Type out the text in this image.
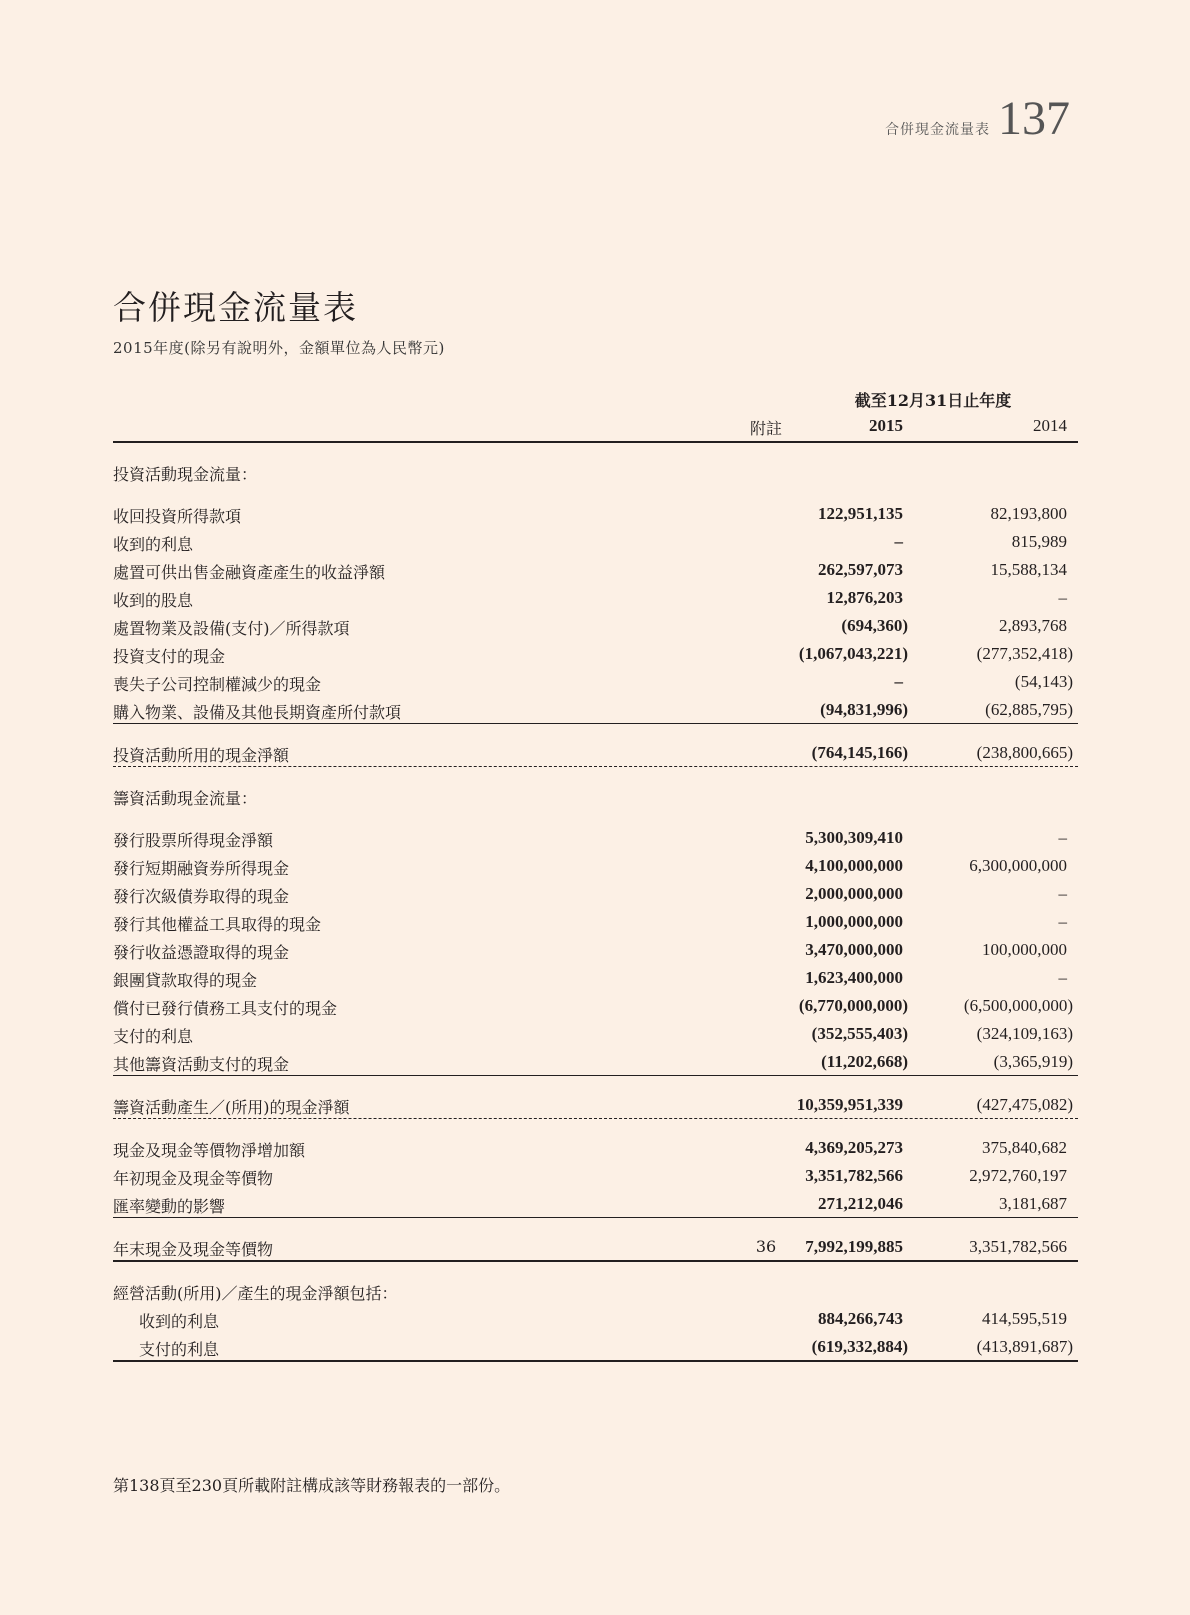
合併現金流量表 137
合併現金流量表
2015年度(除另有說明外，金額單位為人民幣元)
截至12月31日止年度
附註	2015	2014
投資活動現金流量：
收回投資所得款項	122,951,135	82,193,800
收到的利息	–	815,989
處置可供出售金融資產產生的收益淨額	262,597,073	15,588,134
收到的股息	12,876,203	–
處置物業及設備(支付)／所得款項	(694,360)	2,893,768
投資支付的現金	(1,067,043,221)	(277,352,418)
喪失子公司控制權減少的現金	–	(54,143)
購入物業、設備及其他長期資產所付款項	(94,831,996)	(62,885,795)
投資活動所用的現金淨額	(764,145,166)	(238,800,665)
籌資活動現金流量：
發行股票所得現金淨額	5,300,309,410	–
發行短期融資券所得現金	4,100,000,000	6,300,000,000
發行次級債券取得的現金	2,000,000,000	–
發行其他權益工具取得的現金	1,000,000,000	–
發行收益憑證取得的現金	3,470,000,000	100,000,000
銀團貸款取得的現金	1,623,400,000	–
償付已發行債務工具支付的現金	(6,770,000,000)	(6,500,000,000)
支付的利息	(352,555,403)	(324,109,163)
其他籌資活動支付的現金	(11,202,668)	(3,365,919)
籌資活動產生／(所用)的現金淨額	10,359,951,339	(427,475,082)
現金及現金等價物淨增加額	4,369,205,273	375,840,682
年初現金及現金等價物	3,351,782,566	2,972,760,197
匯率變動的影響	271,212,046	3,181,687
年末現金及現金等價物	36	7,992,199,885	3,351,782,566
經營活動(所用)／產生的現金淨額包括：
收到的利息	884,266,743	414,595,519
支付的利息	(619,332,884)	(413,891,687)
第138頁至230頁所載附註構成該等財務報表的一部份。
